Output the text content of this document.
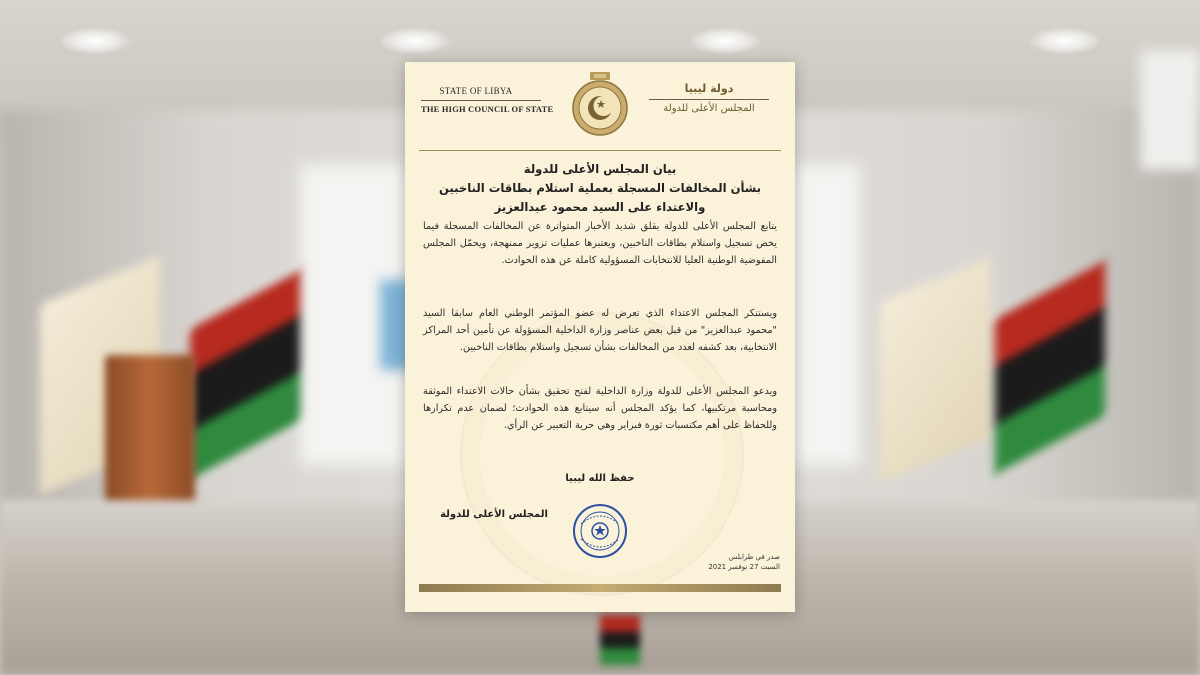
STATE OF LIBYA
THE HIGH COUNCIL OF STATE
دولة ليبيا
المجلس الأعلى للدولة
بيان المجلس الأعلى للدولة
بشأن المخالفات المسجلة بعملية استلام بطاقات الناخبين
والاعتداء على السيد محمود عبدالعزيز
يتابع المجلس الأعلى للدولة بقلق شديد الأخبار المتواترة عن المخالفات المسجلة فيما يخص تسجيل واستلام بطاقات الناخبين، ويعتبرها عمليات تزوير ممنهجة، ويحمّل المجلس المفوضية الوطنية العليا للانتخابات المسؤولية كاملة عن هذه الحوادث.
ويستنكر المجلس الاعتداء الذي تعرض له عضو المؤتمر الوطني العام سابقا السيد "محمود عبدالعزيز" من قبل بعض عناصر وزارة الداخلية المسؤولة عن تأمين أحد المراكز الانتخابية، بعد كشفه لعدد من المخالفات بشأن تسجيل واستلام بطاقات الناخبين.
ويدعو المجلس الأعلى للدولة وزارة الداخلية لفتح تحقيق بشأن حالات الاعتداء الموثقة ومحاسبة مرتكبيها، كما يؤكد المجلس أنه سيتابع هذه الحوادث؛ لضمان عدم تكرارها وللحفاظ على أهم مكتسبات ثورة فبراير وهي حرية التعبير عن الرأي.
حفظ الله ليبيا
المجلس الأعلى للدولة
صدر في طرابلس
السبت 27 نوفمبر 2021
